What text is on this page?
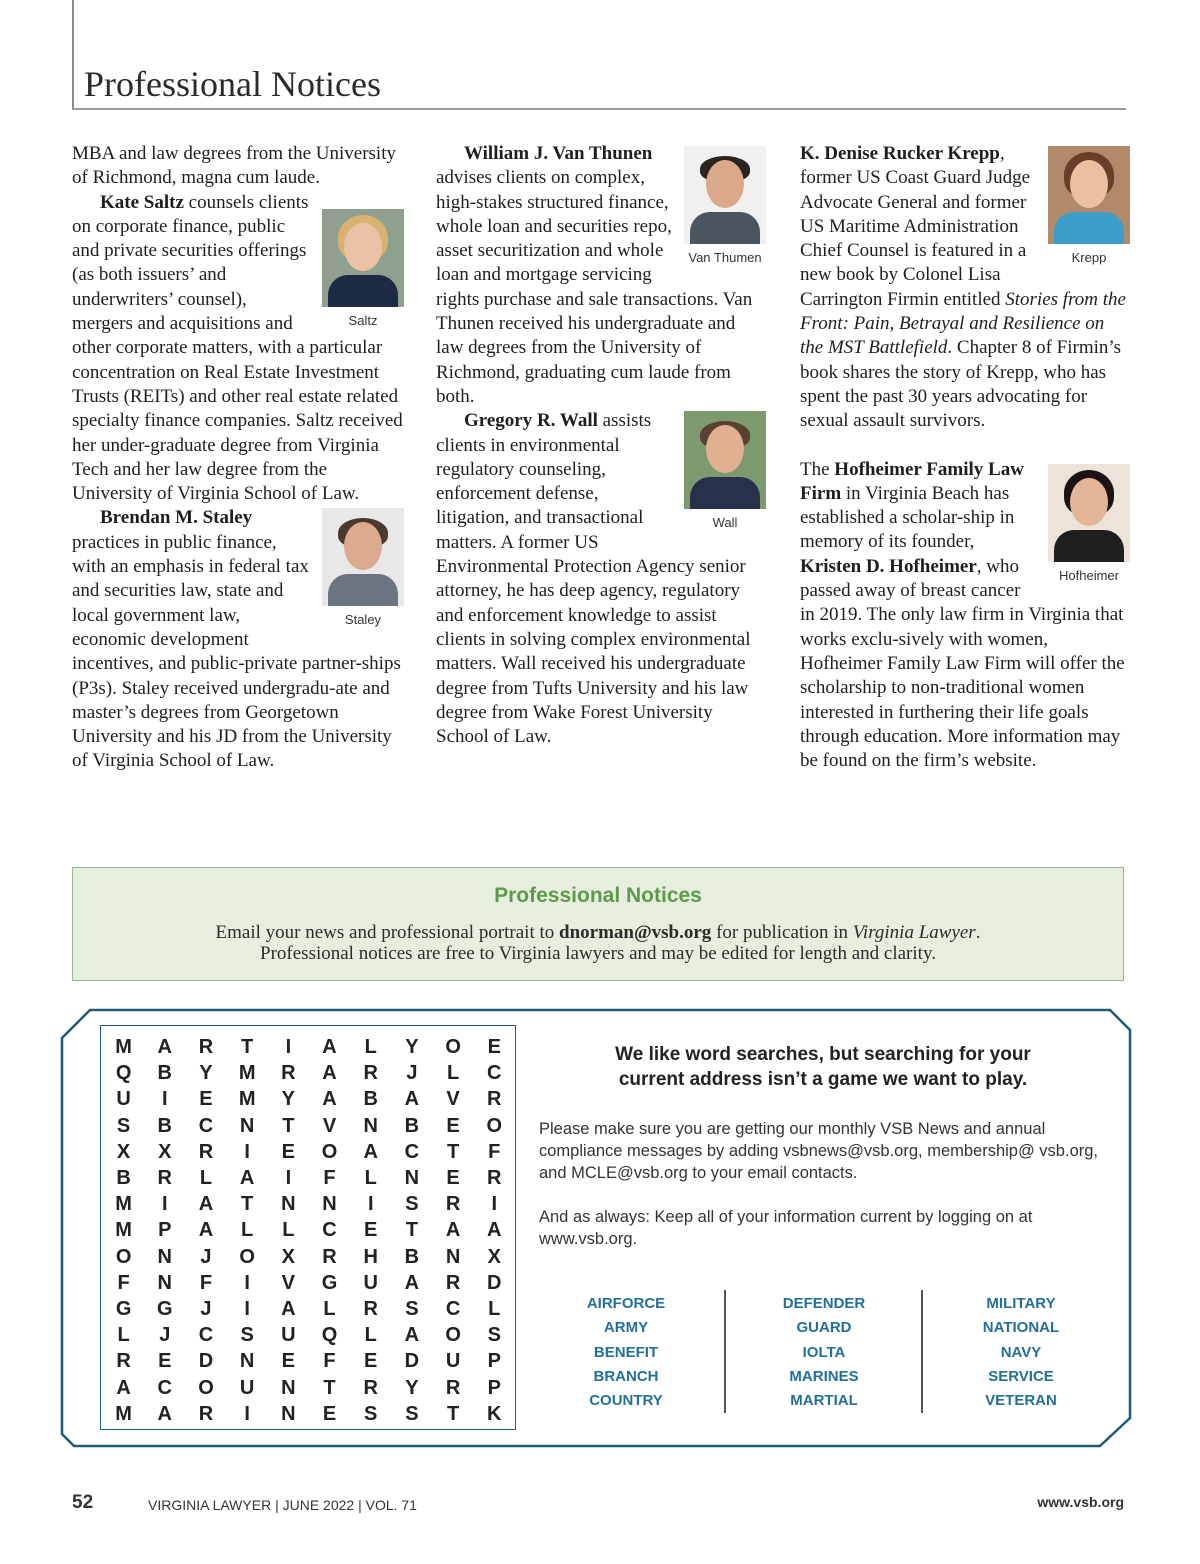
Professional Notices

MBA and law degrees from the University of Richmond, magna cum laude.

Saltz

Kate Saltz counsels clients on corporate finance, public and private securities offerings (as both issuers’ and underwriters’ counsel), mergers and acquisitions and other corporate matters, with a particular concentration on Real Estate Investment Trusts (REITs) and other real estate related specialty finance companies. Saltz received her under-graduate degree from Virginia Tech and her law degree from the University of Virginia School of Law.

Staley

Brendan M. Staley practices in public finance, with an emphasis in federal tax and securities law, state and local government law, economic development incentives, and public-private partner-ships (P3s). Staley received undergradu-ate and master’s degrees from Georgetown University and his JD from the University of Virginia School of Law.

Van Thumen

William J. Van Thunen advises clients on complex, high-stakes structured finance, whole loan and securities repo, asset securitization and whole loan and mortgage servicing rights purchase and sale transactions. Van Thunen received his undergraduate and law degrees from the University of Richmond, graduating cum laude from both.

Wall

Gregory R. Wall assists clients in environmental regulatory counseling, enforcement defense, litigation, and transactional matters. A former US Environmental Protection Agency senior attorney, he has deep agency, regulatory and enforcement knowledge to assist clients in solving complex environmental matters. Wall received his undergraduate degree from Tufts University and his law degree from Wake Forest University School of Law.

Krepp

K. Denise Rucker Krepp, former US Coast Guard Judge Advocate General and former US Maritime Administration Chief Counsel is featured in a new book by Colonel Lisa Carrington Firmin entitled Stories from the Front: Pain, Betrayal and Resilience on the MST Battlefield. Chapter 8 of Firmin’s book shares the story of Krepp, who has spent the past 30 years advocating for sexual assault survivors.

Hofheimer

The Hofheimer Family Law Firm in Virginia Beach has established a scholar-ship in memory of its founder, Kristen D. Hofheimer, who passed away of breast cancer in 2019. The only law firm in Virginia that works exclu-sively with women, Hofheimer Family Law Firm will offer the scholarship to non-traditional women interested in furthering their life goals through education. More information may be found on the firm’s website.

Professional Notices
Email your news and professional portrait to dnorman@vsb.org for publication in Virginia Lawyer.
Professional notices are free to Virginia lawyers and may be edited for length and clarity.
M	A	R	T	I	A	L	Y	O	E
Q	B	Y	M	R	A	R	J	L	C
U	I	E	M	Y	A	B	A	V	R
S	B	C	N	T	V	N	B	E	O
X	X	R	I	E	O	A	C	T	F
B	R	L	A	I	F	L	N	E	R
M	I	A	T	N	N	I	S	R	I
M	P	A	L	L	C	E	T	A	A
O	N	J	O	X	R	H	B	N	X
F	N	F	I	V	G	U	A	R	D
G	G	J	I	A	L	R	S	C	L
L	J	C	S	U	Q	L	A	O	S
R	E	D	N	E	F	E	D	U	P
A	C	O	U	N	T	R	Y	R	P
M	A	R	I	N	E	S	S	T	K
We like word searches, but searching for your
current address isn’t a game we want to play.

Please make sure you are getting our monthly VSB News and annual compliance messages by adding vsbnews@vsb.org, membership@ vsb.org, and MCLE@vsb.org to your email contacts.

And as always: Keep all of your information current by logging on at www.vsb.org.

AIRFORCE
ARMY
BENEFIT
BRANCH
COUNTRY
DEFENDER
GUARD
IOLTA
MARINES
MARTIAL
MILITARY
NATIONAL
NAVY
SERVICE
VETERAN
52	VIRGINIA LAWYER | JUNE 2022 | VOL. 71	www.vsb.org
